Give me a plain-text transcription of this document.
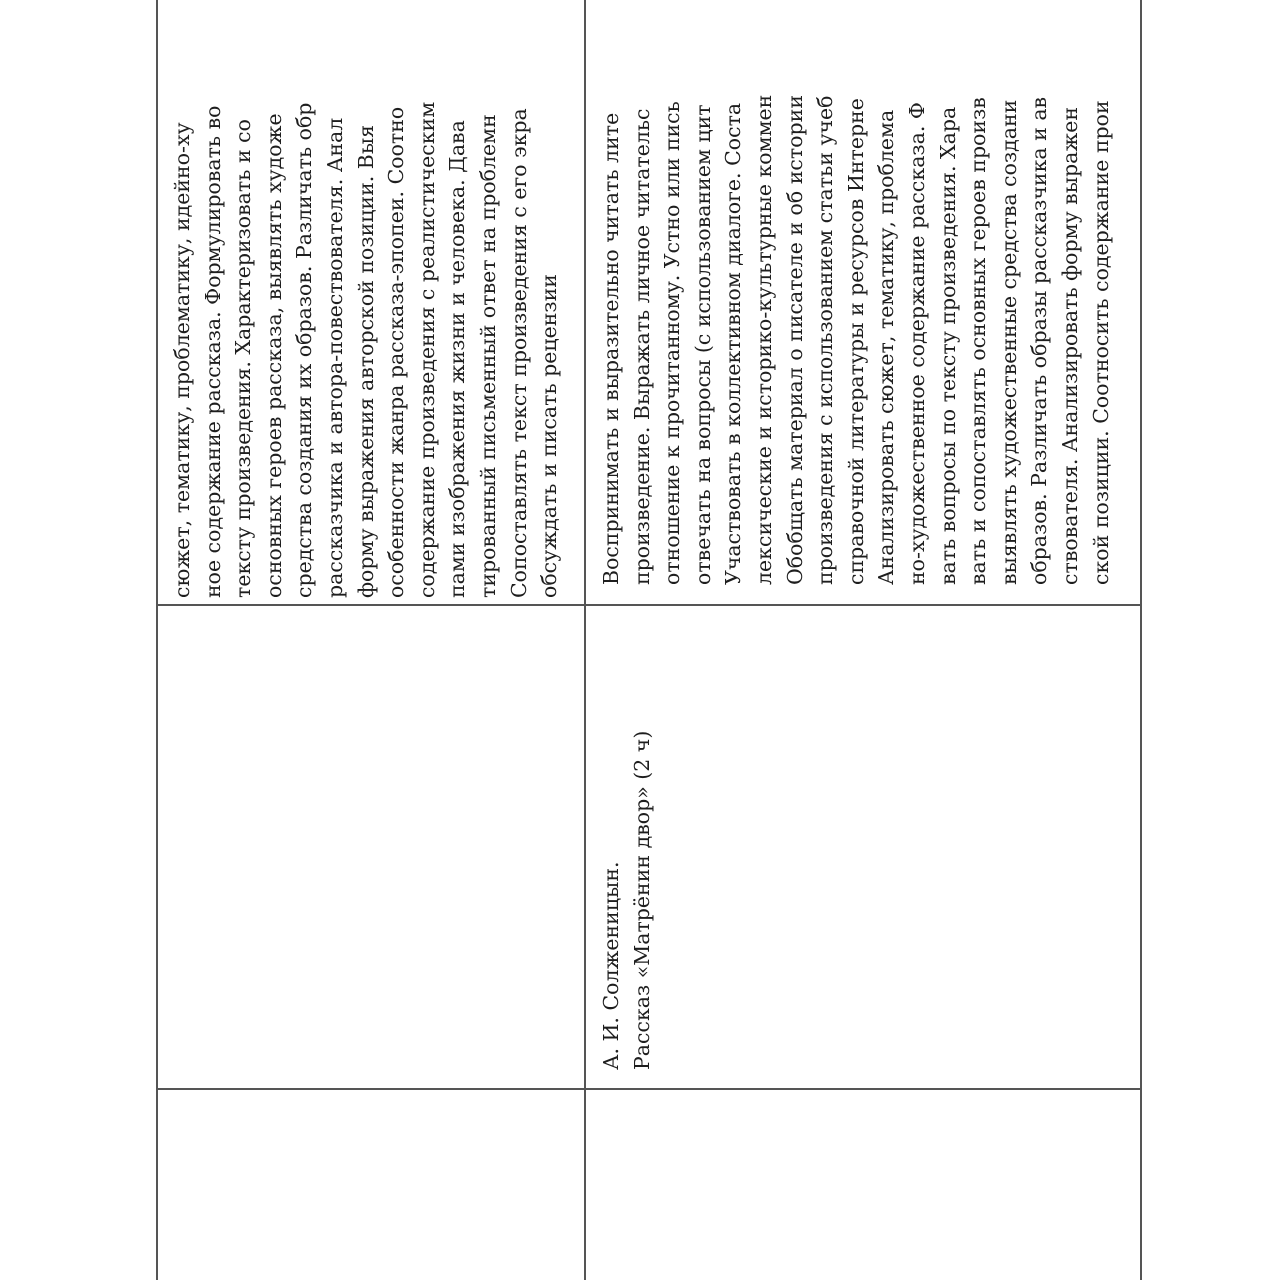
сюжет, тематику, проблематику, идейно-ху ное содержание рассказа. Формулировать во тексту произведения. Характеризовать и со основных героев рассказа, выявлять художе средства создания их образов. Различать обр рассказчика и автора-повествователя. Анал форму выражения авторской позиции. Выя особенности жанра рассказа-эпопеи. Соотно содержание произведения с реалистическим пами изображения жизни и человека. Дава тированный письменный ответ на проблемн Сопоставлять текст произведения с его экра обсуждать и писать рецензии
А. И. Солженицын. Рассказ «Матрёнин двор» (2 ч)
Воспринимать и выразительно читать лите произведение. Выражать личное читательс отношение к прочитанному. Устно или пись отвечать на вопросы (с использованием цит Участвовать в коллективном диалоге. Соста лексические и историко-культурные коммен Обобщать материал о писателе и об истории произведения с использованием статьи учеб справочной литературы и ресурсов Интерне Анализировать сюжет, тематику, проблема но-художественное содержание рассказа. Ф вать вопросы по тексту произведения. Хара вать и сопоставлять основных героев произв выявлять художественные средства создани образов. Различать образы рассказчика и ав ствователя. Анализировать форму выражен ской позиции. Соотносить содержание прои
